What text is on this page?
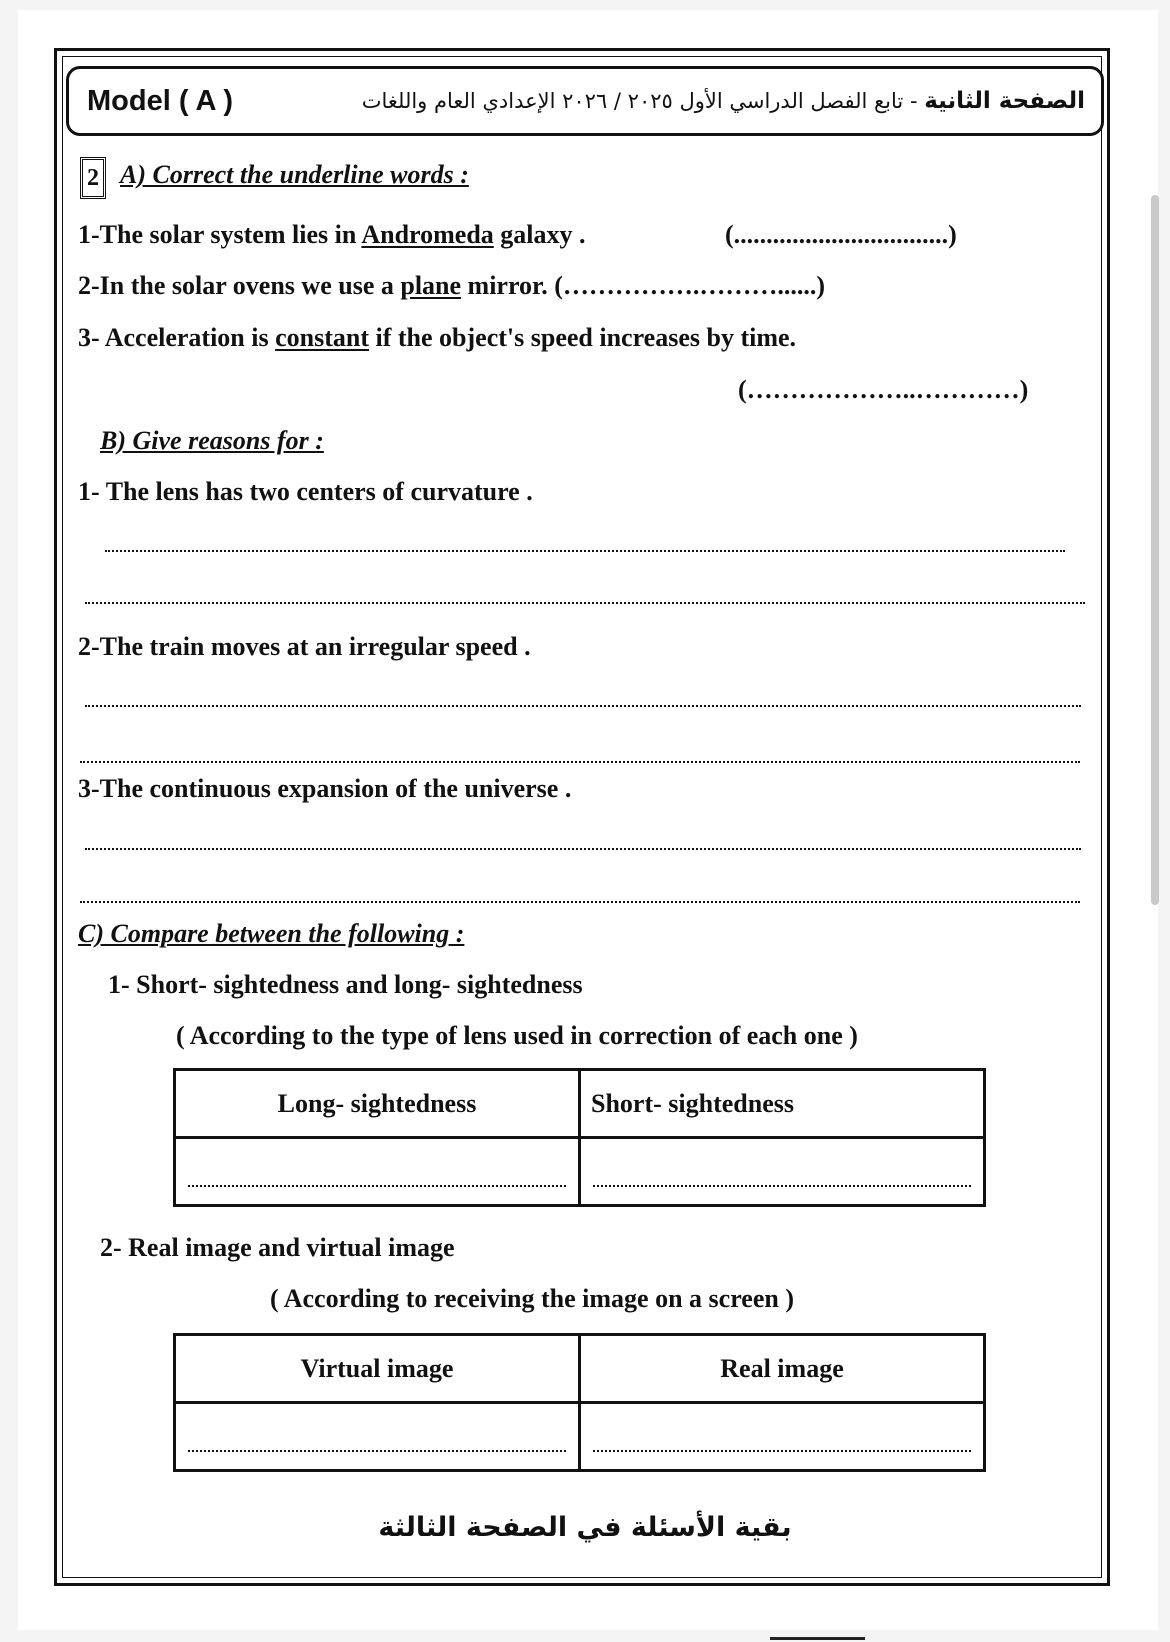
Model ( A )	الصفحة الثانية - تابع الفصل الدراسي الأول ٢٠٢٥ / ٢٠٢٦ الإعدادي العام واللغات
2 A) Correct the underline words :
1-The solar system lies in Andromeda galaxy .	(.................................)
2-In the solar ovens we use a plane mirror. (…………….………......)
3- Acceleration is constant if the object's speed increases by time.
(………………..…………)
B) Give reasons for :
1- The lens has two centers of curvature .
2-The train moves at an irregular speed .
3-The continuous expansion of the universe .
C) Compare between the following :
1- Short- sightedness and long- sightedness
( According to the type of lens used in correction of each one )
Long- sightedness	Short- sightedness

2- Real image and virtual image
( According to receiving the image on a screen )
Virtual image	Real image

بقية الأسئلة في الصفحة الثالثة
